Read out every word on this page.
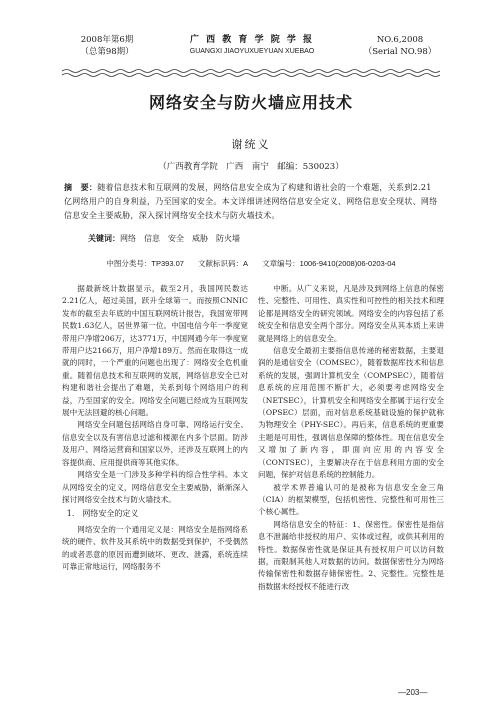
2008年第6期
（总第98期）
广 西 教 育 学 院 学 报
GUANGXI JIAOYUXUEYUAN XUEBAO
NO.6,2008
（Serial NO.98）
网络安全与防火墙应用技术
谢统义
（广西教育学院　广西　南宁　邮编：530023）
摘　要：随着信息技术和互联网的发展，网络信息安全成为了构建和谐社会的一个难题，关系到2.21亿网络用户的自身利益，乃至国家的安全。本文详细讲述网络信息安全定义、网络信息安全现状、网络信息安全主要威胁，深入探讨网络安全技术与防火墙技术。
关键词：网络　信息　安全　威胁　防火墙
中图分类号：TP393.07 文献标识码：A 文章编号：1006-9410(2008)06-0203-04

据最新统计数据显示，截至2月，我国网民数达2.21亿人，超过美国，跃升全球第一。而按照CNNIC发布的截至去年底的中国互联网统计报告，我国宽带网民数1.63亿人，居世界第一位。中国电信今年一季度宽带用户净增206万，达3771万，中国网通今年一季度宽带用户达2166万，用户净增189万。然而在取得这一成就的同时，一个严重的问题也出现了：网络安全危机重重。随着信息技术和互联网的发展，网络信息安全已对构建和谐社会提出了难题，关系到每个网络用户的利益，乃至国家的安全。网络安全问题已经成为互联网发展中无法回避的核心问题。

网络安全问题包括网络自身可靠、网络运行安全、信息安全以及有害信息过滤和楼源在内多个层面。防涉及用户、网络运营商和国家以外，还涉及互联网上的内容提供商、应用提供商等其他实体。

网络安全是一门涉及多种学科的综合性学科。本文从网络安全的定义，网络信息安全主要威胁，渐渐深入探讨网络安全技术与防火墙技术。

1.　网络安全的定义

网络安全的一个通用定义是：网络安全是指网络系统的硬件、软件及其系统中的数据受到保护，不受偶然的或者恶意的原因而遭到破坏、更改、泄露，系统连续可靠正常地运行，网络服务不

中断。从广义来说，凡是涉及到网络上信息的保密性、完整性、可用性、真实性和可控性的相关技术和理论都是网络安全的研究领域。网络安全的内容包括了系统安全和信息安全两个部分。网络安全从其本质上来讲就是网络上的信息安全。

信息安全最初主要指信息传递的秘密数据，主要退润的是通信安全（COMSEC），随着数据库技术和信息系统的发展，强调计算机安全（COMPSEC），随着信息系统的应用范围不断扩大，必须要考虑网络安全（NETSEC），计算机安全和网络安全都属于运行安全（OPSEC）层面，而对信息系统基础设施的保护就称为物理安全（PHY-SEC）。再后来，信息系统的更重要主题是可用性，强调信息保障的整体性。现在信息安全又增加了新内容，即面向应用的内容安全（CONTSEC），主要解决存在于信息利用方面的安全问题，保护对信息系统的控制能力。

被学术界普遍认可的是被称为信息安全金三角（CIA）的框架模型，包括机密性、完整性和可用性三个核心属性。

网络信息安全的特征：1、保密性。保密性是指信息不泄漏给非授权的用户、实体或过程，或供其利用的特性。数据保密性就是保证具有授权用户可以访问数据，而限制其他人对数据的访问。数据保密性分为网络传输保密性和数据存储保密性。2、完整性。完整性是指数据未经授权不能进行改

—203—
